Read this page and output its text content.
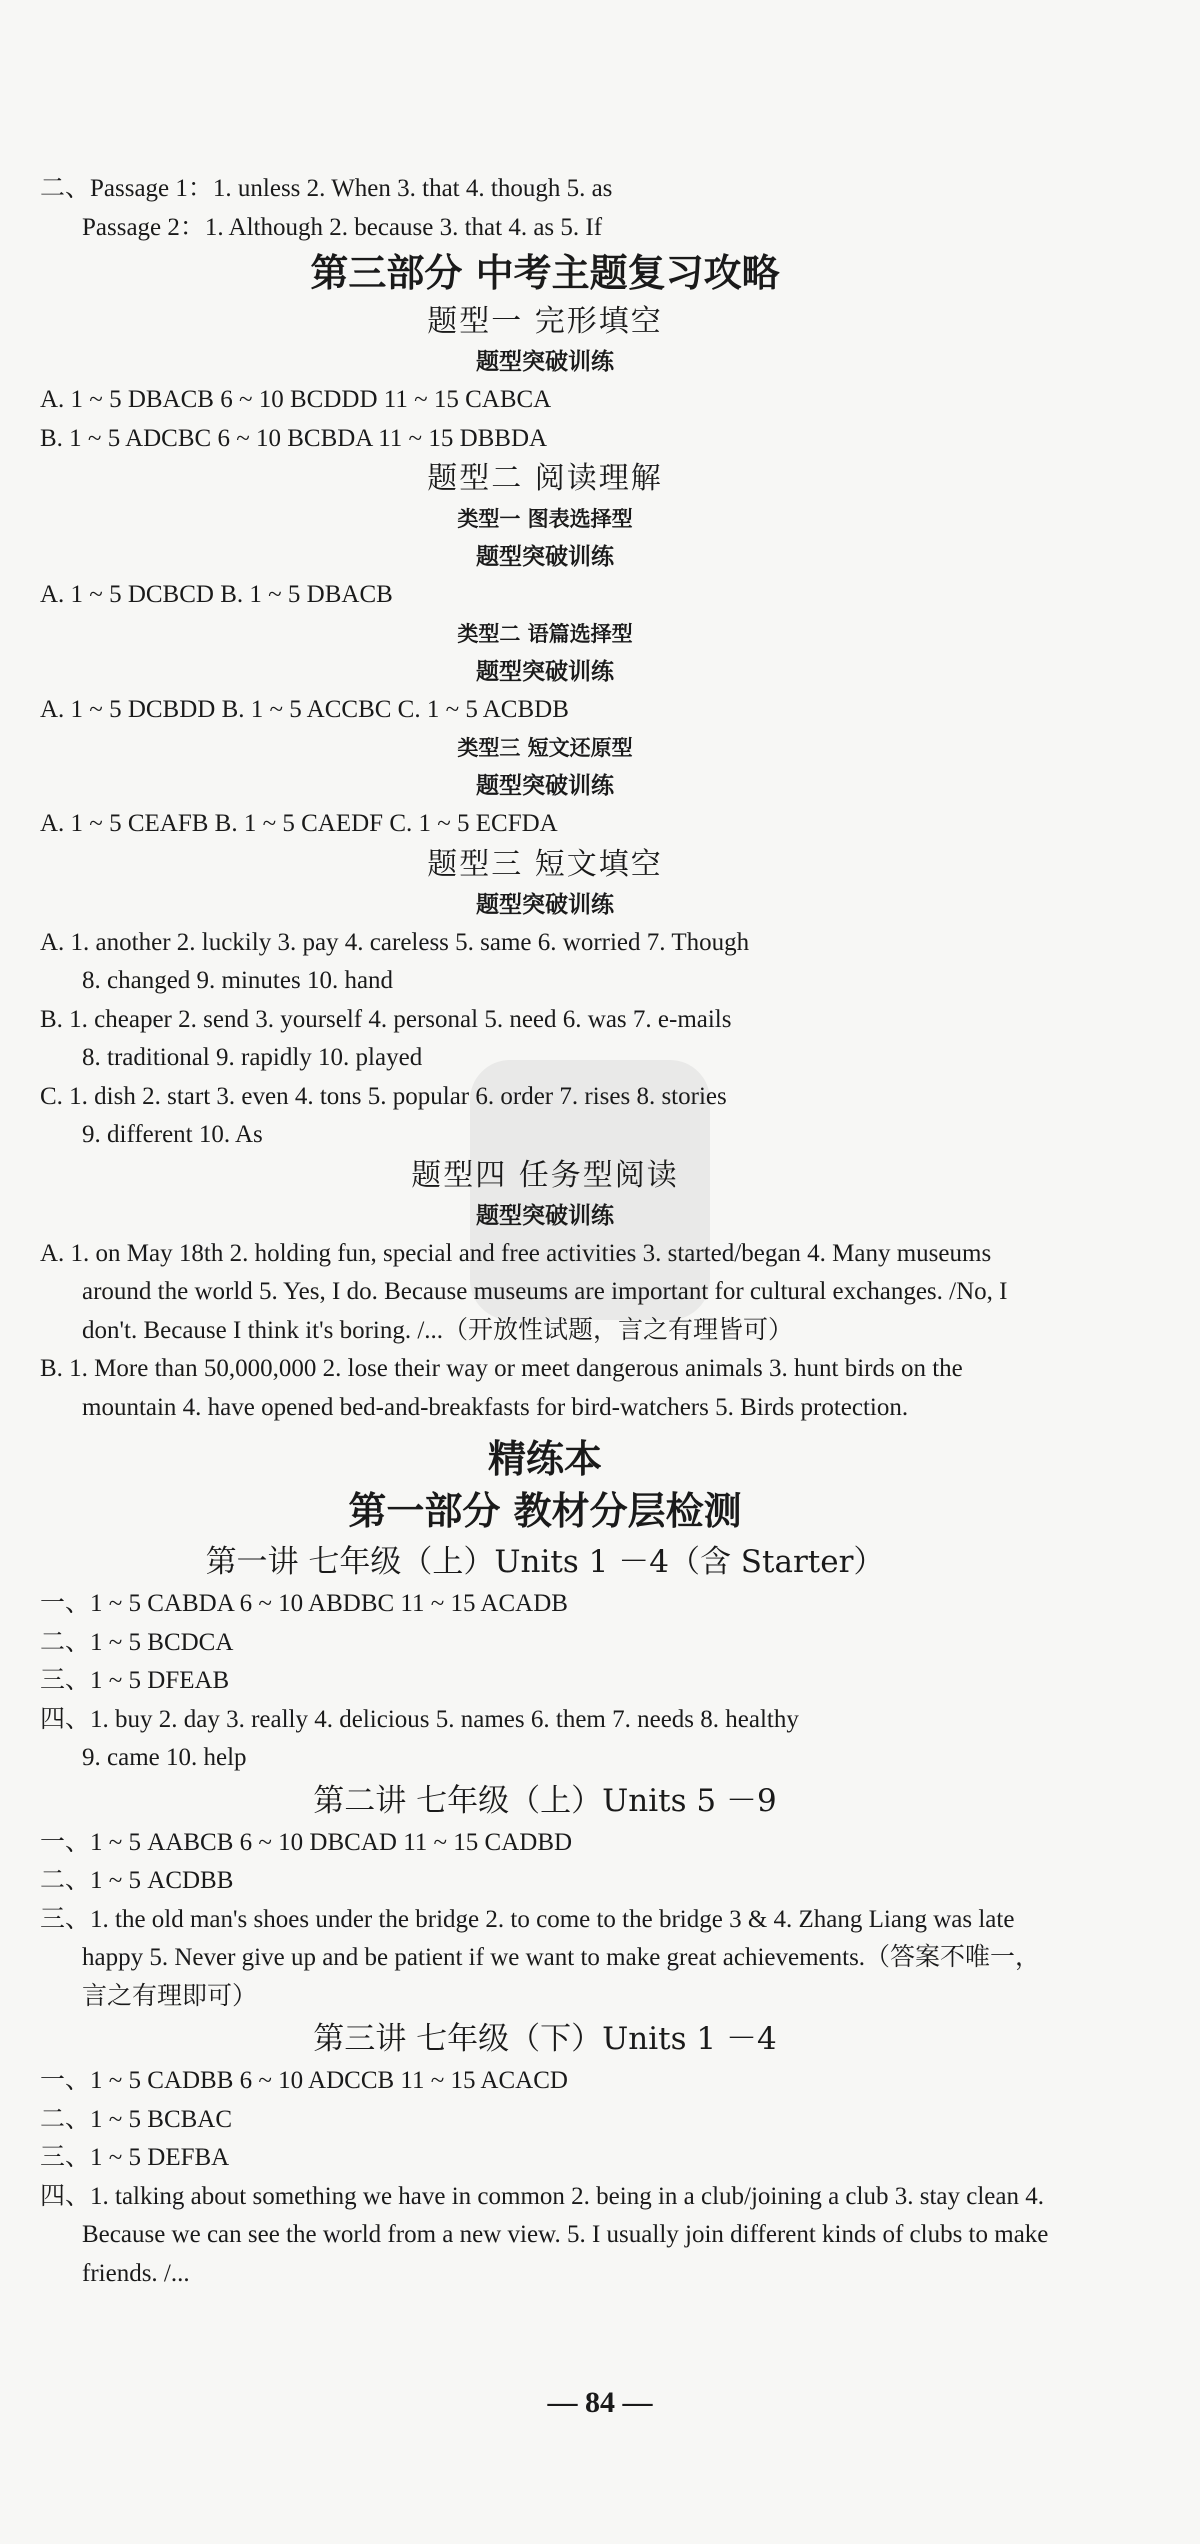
二、Passage 1：1. unless 2. When 3. that 4. though 5. as
Passage 2：1. Although 2. because 3. that 4. as 5. If
第三部分 中考主题复习攻略
题型一 完形填空
题型突破训练
A. 1 ~ 5 DBACB 6 ~ 10 BCDDD 11 ~ 15 CABCA
B. 1 ~ 5 ADCBC 6 ~ 10 BCBDA 11 ~ 15 DBBDA
题型二 阅读理解
类型一 图表选择型
题型突破训练
A. 1 ~ 5 DCBCD B. 1 ~ 5 DBACB
类型二 语篇选择型
题型突破训练
A. 1 ~ 5 DCBDD B. 1 ~ 5 ACCBC C. 1 ~ 5 ACBDB
类型三 短文还原型
题型突破训练
A. 1 ~ 5 CEAFB B. 1 ~ 5 CAEDF C. 1 ~ 5 ECFDA
题型三 短文填空
题型突破训练
A. 1. another 2. luckily 3. pay 4. careless 5. same 6. worried 7. Though
8. changed 9. minutes 10. hand
B. 1. cheaper 2. send 3. yourself 4. personal 5. need 6. was 7. e-mails
8. traditional 9. rapidly 10. played
C. 1. dish 2. start 3. even 4. tons 5. popular 6. order 7. rises 8. stories
9. different 10. As
题型四 任务型阅读
题型突破训练
A. 1. on May 18th 2. holding fun, special and free activities 3. started/began 4. Many museums around the world 5. Yes, I do. Because museums are important for cultural exchanges. /No, I don't. Because I think it's boring. /...（开放性试题，言之有理皆可）
B. 1. More than 50,000,000 2. lose their way or meet dangerous animals 3. hunt birds on the mountain 4. have opened bed-and-breakfasts for bird-watchers 5. Birds protection.
精练本
第一部分 教材分层检测
第一讲 七年级（上）Units 1 －4（含 Starter）
一、1 ~ 5 CABDA 6 ~ 10 ABDBC 11 ~ 15 ACADB
二、1 ~ 5 BCDCA
三、1 ~ 5 DFEAB
四、1. buy 2. day 3. really 4. delicious 5. names 6. them 7. needs 8. healthy
9. came 10. help
第二讲 七年级（上）Units 5 －9
一、1 ~ 5 AABCB 6 ~ 10 DBCAD 11 ~ 15 CADBD
二、1 ~ 5 ACDBB
三、1. the old man's shoes under the bridge 2. to come to the bridge 3 & 4. Zhang Liang was late happy 5. Never give up and be patient if we want to make great achievements.（答案不唯一，言之有理即可）
第三讲 七年级（下）Units 1 －4
一、1 ~ 5 CADBB 6 ~ 10 ADCCB 11 ~ 15 ACACD
二、1 ~ 5 BCBAC
三、1 ~ 5 DEFBA
四、1. talking about something we have in common 2. being in a club/joining a club 3. stay clean 4. Because we can see the world from a new view. 5. I usually join different kinds of clubs to make friends. /...
— 84 —
